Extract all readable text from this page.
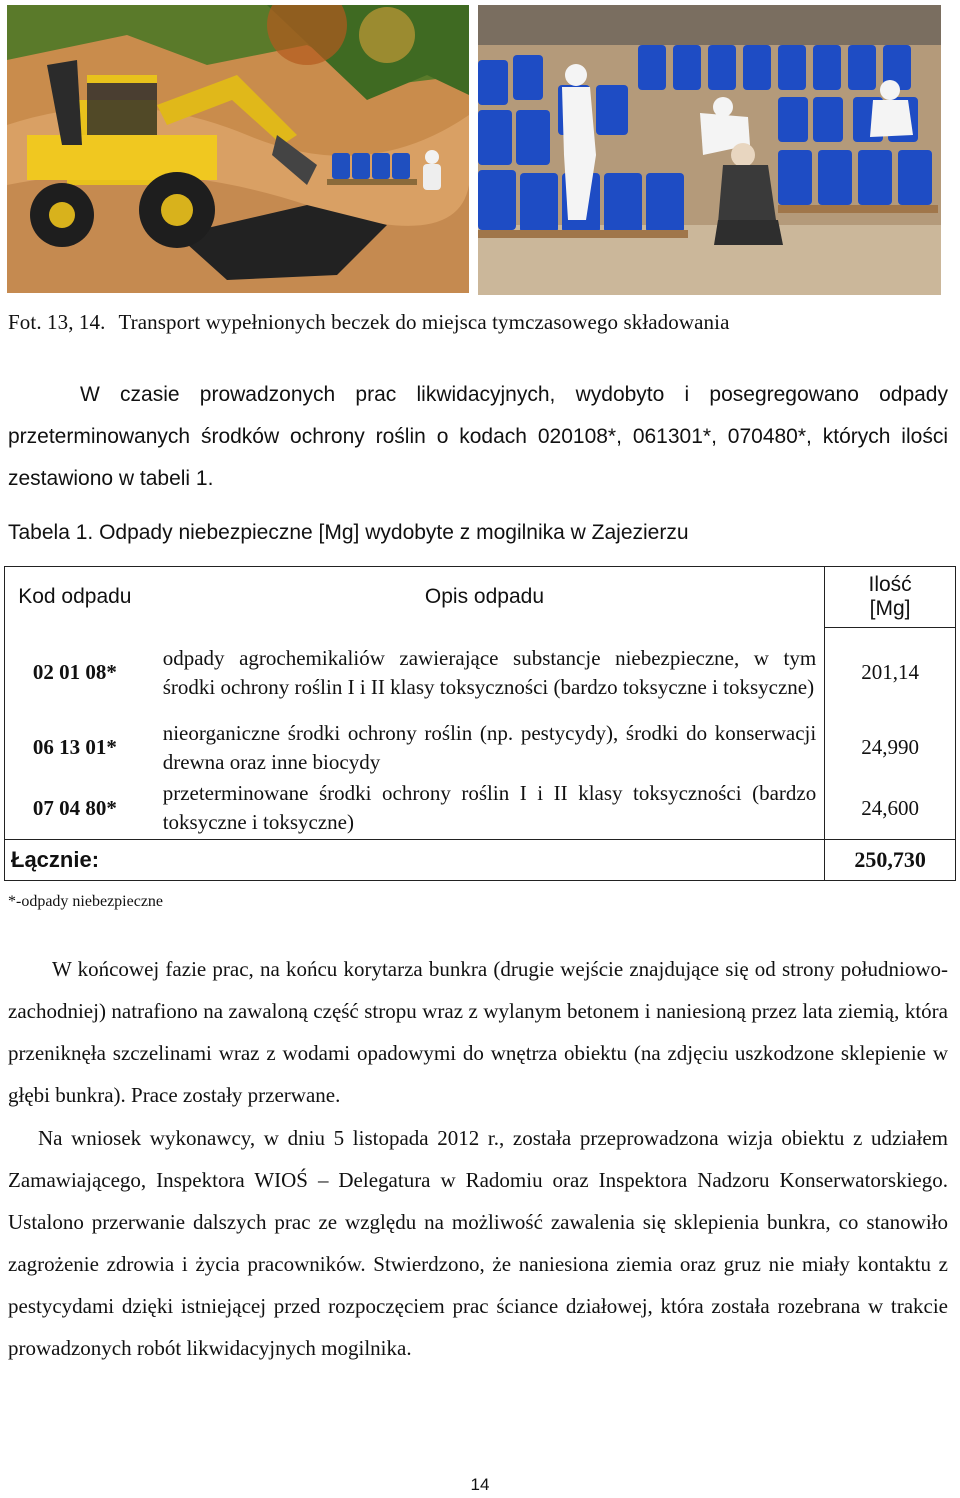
Fot. 13, 14. Transport wypełnionych beczek do miejsca tymczasowego składowania
W czasie prowadzonych prac likwidacyjnych, wydobyto i posegregowano odpady przeterminowanych środków ochrony roślin o kodach 020108*, 061301*, 070480*, których ilości zestawiono w tabeli 1.
Tabela 1. Odpady niebezpieczne [Mg] wydobyte z mogilnika w Zajezierzu
Kod odpadu	Opis odpadu	Ilość
[Mg]

02 01 08*	odpady agrochemikaliów zawierające substancje niebezpieczne, w tym środki ochrony roślin I i II klasy toksyczności (bardzo toksyczne i toksyczne)	201,14
06 13 01*	nieorganiczne środki ochrony roślin (np. pestycydy), środki do konserwacji drewna oraz inne biocydy	24,990
07 04 80*	przeterminowane środki ochrony roślin I i II klasy toksyczności (bardzo toksyczne i toksyczne)	24,600
Łącznie:		250,730
*-odpady niebezpieczne
W końcowej fazie prac, na końcu korytarza bunkra (drugie wejście znajdujące się od strony południowo-zachodniej) natrafiono na zawaloną część stropu wraz z wylanym betonem i naniesioną przez lata ziemią, która przeniknęła szczelinami wraz z wodami opadowymi do wnętrza obiektu (na zdjęciu uszkodzone sklepienie w głębi bunkra). Prace zostały przerwane.
Na wniosek wykonawcy, w dniu 5 listopada 2012 r., została przeprowadzona wizja obiektu z udziałem Zamawiającego, Inspektora WIOŚ – Delegatura w Radomiu oraz Inspektora Nadzoru Konserwatorskiego. Ustalono przerwanie dalszych prac ze względu na możliwość zawalenia się sklepienia bunkra, co stanowiło zagrożenie zdrowia i życia pracowników. Stwierdzono, że naniesiona ziemia oraz gruz nie miały kontaktu z pestycydami dzięki istniejącej przed rozpoczęciem prac ściance działowej, która została rozebrana w trakcie prowadzonych robót likwidacyjnych mogilnika.
14
